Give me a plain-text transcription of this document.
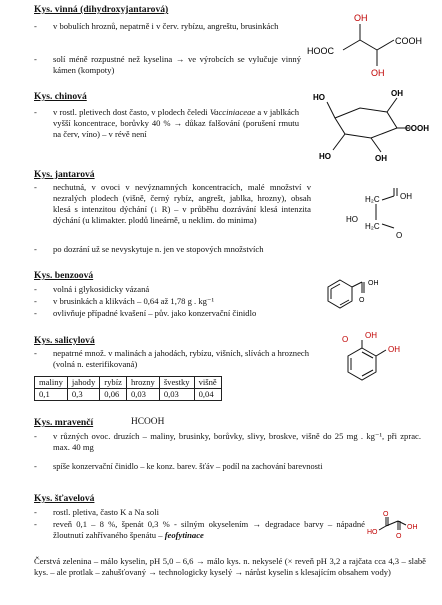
Kys. vinná (dihydroxyjantarová)
- v bobulích hroznů, nepatrně i v červ. rybízu, angreštu, brusinkách
- solí méně rozpustné než kyselina → ve výrobcích se vylučuje vinný kámen (kompoty)
HOOC
COOH
OH
OH
Kys. chinová
- v rostl. pletivech dost často, v plodech čeledi Vacciniaceae a v jablkách vyšší koncentrace, borůvky 40 % → důkaz falšování (porušení rmutu na červ, víno) – v révě není
HO	OH
COOH
HO	OH
Kys. jantarová
- nechutná, v ovoci v nevýznamných koncentracích, malé množství v nezralých plodech (višně, černý rybíz, angrešt, jablka, hrozny), obsah klesá s intenzitou dýchání (↓ R) – v průběhu dozrávání klesá intenzita dýchání (u klimakter. plodů lineárně, u neklim. do minima)
- po dozrání už se nevyskytuje n. jen ve stopových množstvích
H₂C
H₂C
OH
HO
O
Kys. benzoová
- volná i glykosidicky vázaná
- v brusinkách a klikvách – 0,64 až 1,78 g . kg⁻¹
- ovlivňuje případné kvašení – pův. jako konzervační činidlo
OH
O
Kys. salicylová
- nepatrné množ. v malinách a jahodách, rybízu, višních, slívách a hroznech (volná n. esterifikovaná)
O OH
OH
maliny	jahody	rybíz	hrozny	švestky	višně
0,1	0,3	0,06	0,03	0,03	0,04
Kys. mravenčí	HCOOH
- v různých ovoc. druzích – maliny, brusinky, borůvky, slivy, broskve, višně do 25 mg . kg⁻¹, při zprac. max. 40 mg
- spíše konzervační činidlo – ke konz. barev. šťáv – podíl na zachování barevnosti
Kys. šťavelová
- rostl. pletiva, často K a Na soli
- reveň 0,1 – 8 %, špenát 0,3 % - silným okyselením → degradace barvy – nápadné žloutnutí zahřívaného špenátu – feofytinace
O
O
OH
HO
Čerstvá zelenina – málo kyselin, pH 5,0 – 6,6 → málo kys. n. nekyselé (× reveň pH 3,2 a rajčata cca 4,3 – slabě kys. – ale protlak – zahušťovaný → technologicky kyselý → nárůst kyselin s klesajícím obsahem vody)
